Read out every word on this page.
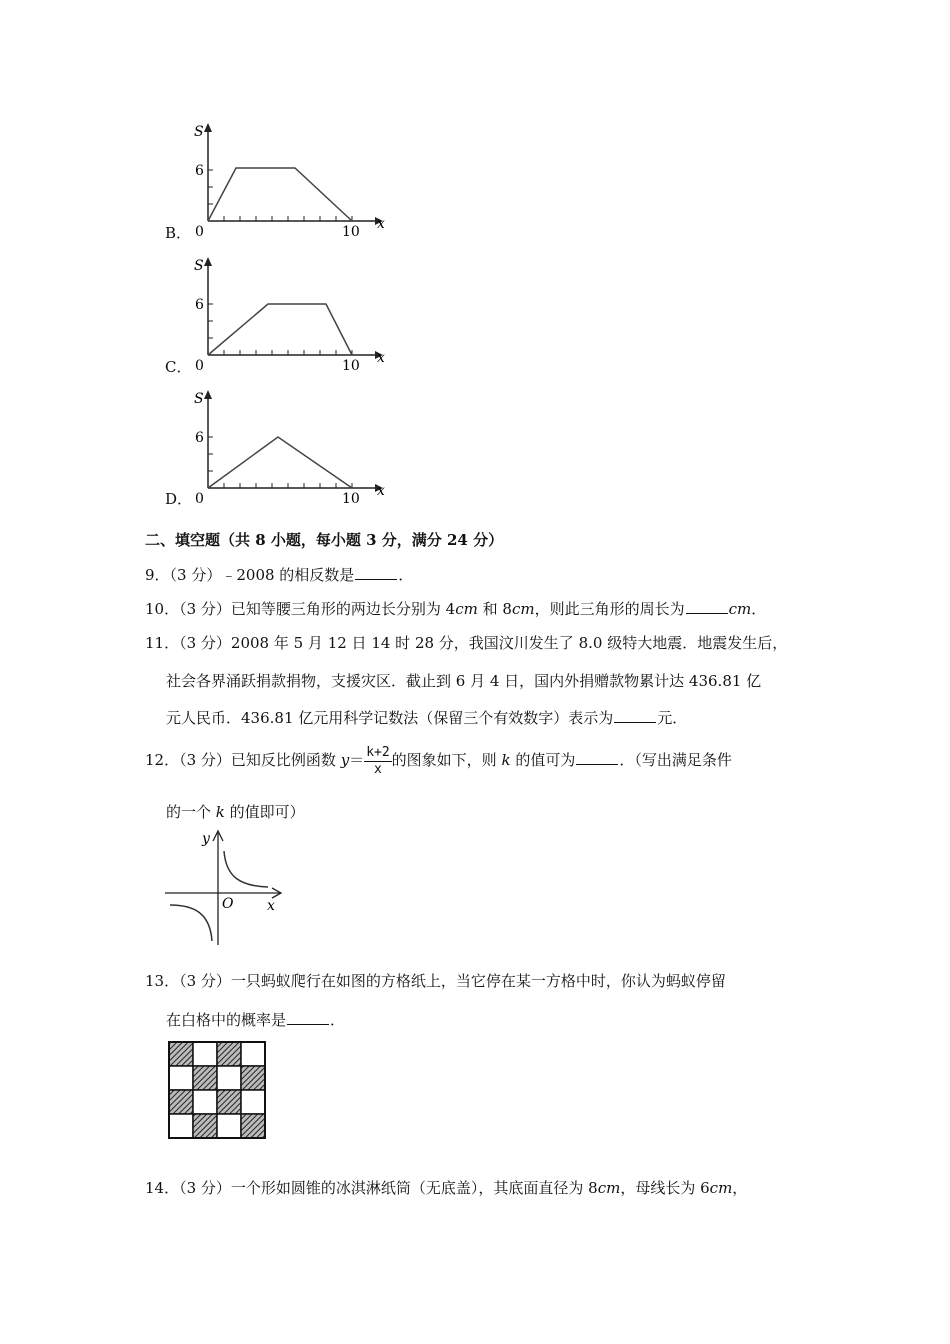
B．
S
x
6
0	10
C．
S
x
6
0	10
D．
S
x
6
0	10
二、填空题（共 8 小题，每小题 3 分，满分 24 分）
9．（3 分）﹣2008 的相反数是	．
10．（3 分）已知等腰三角形的两边长分别为 4cm 和 8cm，则此三角形的周长为	cm．
11．（3 分）2008 年 5 月 12 日 14 时 28 分，我国汶川发生了 8.0 级特大地震．地震发生后，
社会各界涌跃捐款捐物，支援灾区．截止到 6 月 4 日，国内外捐赠款物累计达 436.81 亿
元人民币．436.81 亿元用科学记数法（保留三个有效数字）表示为	元．
12．（3 分）已知反比例函数 $y= \frac{k+2}{x}$ 的图象如下，则 k 的值可为	．（写出满足条件
的一个 k 的值即可）
y
x
O
13．（3 分）一只蚂蚁爬行在如图的方格纸上，当它停在某一方格中时，你认为蚂蚁停留
在白格中的概率是	．
14．（3 分）一个形如圆锥的冰淇淋纸筒（无底盖），其底面直径为 8cm，母线长为 6cm，
